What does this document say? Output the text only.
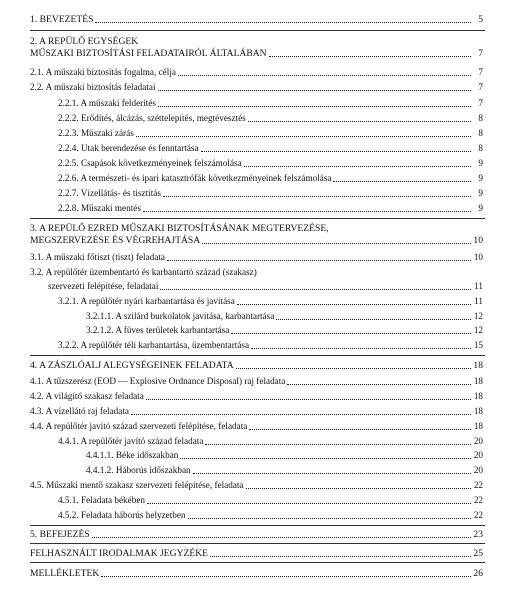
1. BEVEZETÉS	5
2. A REPÜLŐ EGYSÉGEK
MŰSZAKI BIZTOSÍTÁSI FELADATAIRÓL ÁLTALÁBAN	7
2.1. A műszaki biztosítás fogalma, célja	7
2.2. A műszaki biztosítás feladatai	7
2.2.1. A műszaki felderítés	7
2.2.2. Erődítés, álcázás, széttelepítés, megtévesztés	8
2.2.3. Műszaki zárás	8
2.2.4. Utak berendezése és fenntartása	8
2.2.5. Csapások következményeinek felszámolása	9
2.2.6. A természeti- és ipari katasztrófák következményeinek felszámolása	9
2.2.7. Vízellátás- és tisztítás	9
2.2.8. Műszaki mentés	9
3. A REPÜLŐ EZRED MŰSZAKI BIZTOSÍTÁSÁNAK MEGTERVEZÉSE,
MEGSZERVEZÉSE ÉS VÉGREHAJTÁSA	10
3.1. A műszaki főtiszt (tiszt) feladata	10
3.2. A repülőtér üzembentartó és karbantartó század (szakasz)
szervezeti felépítése, feladatai	11
3.2.1. A repülőtér nyári karbantartása és javítása	11
3.2.1.1. A szilárd burkolatok javítása, karbantartása	12
3.2.1.2. A füves területek karbantartása	12
3.2.2. A repülőtér téli karbantartása, üzembentartása	15
4. A ZÁSZLÓALJ ALEGYSÉGEINEK FELADATA	18
4.1. A tűzszerész (EOD — Explosive Ordnance Disposal) raj feladata	18
4.2. A világító szakasz feladata	18
4.3. A vízellátó raj feladata	18
4.4. A repülőtér javító század szervezeti felépítése, feladata	18
4.4.1. A repülőtér javító század feladata	20
4.4.1.1. Béke időszakban	20
4.4.1.2. Háborús időszakban	20
4.5. Műszaki mentő szakasz szervezeti felépítése, feladata	22
4.5.1. Feladata békében	22
4.5.2. Feladata háborús helyzetben	22
5. BEFEJEZÉS	23
FELHASZNÁLT IRODALMAK JEGYZÉKE	25
MELLÉKLETEK	26
